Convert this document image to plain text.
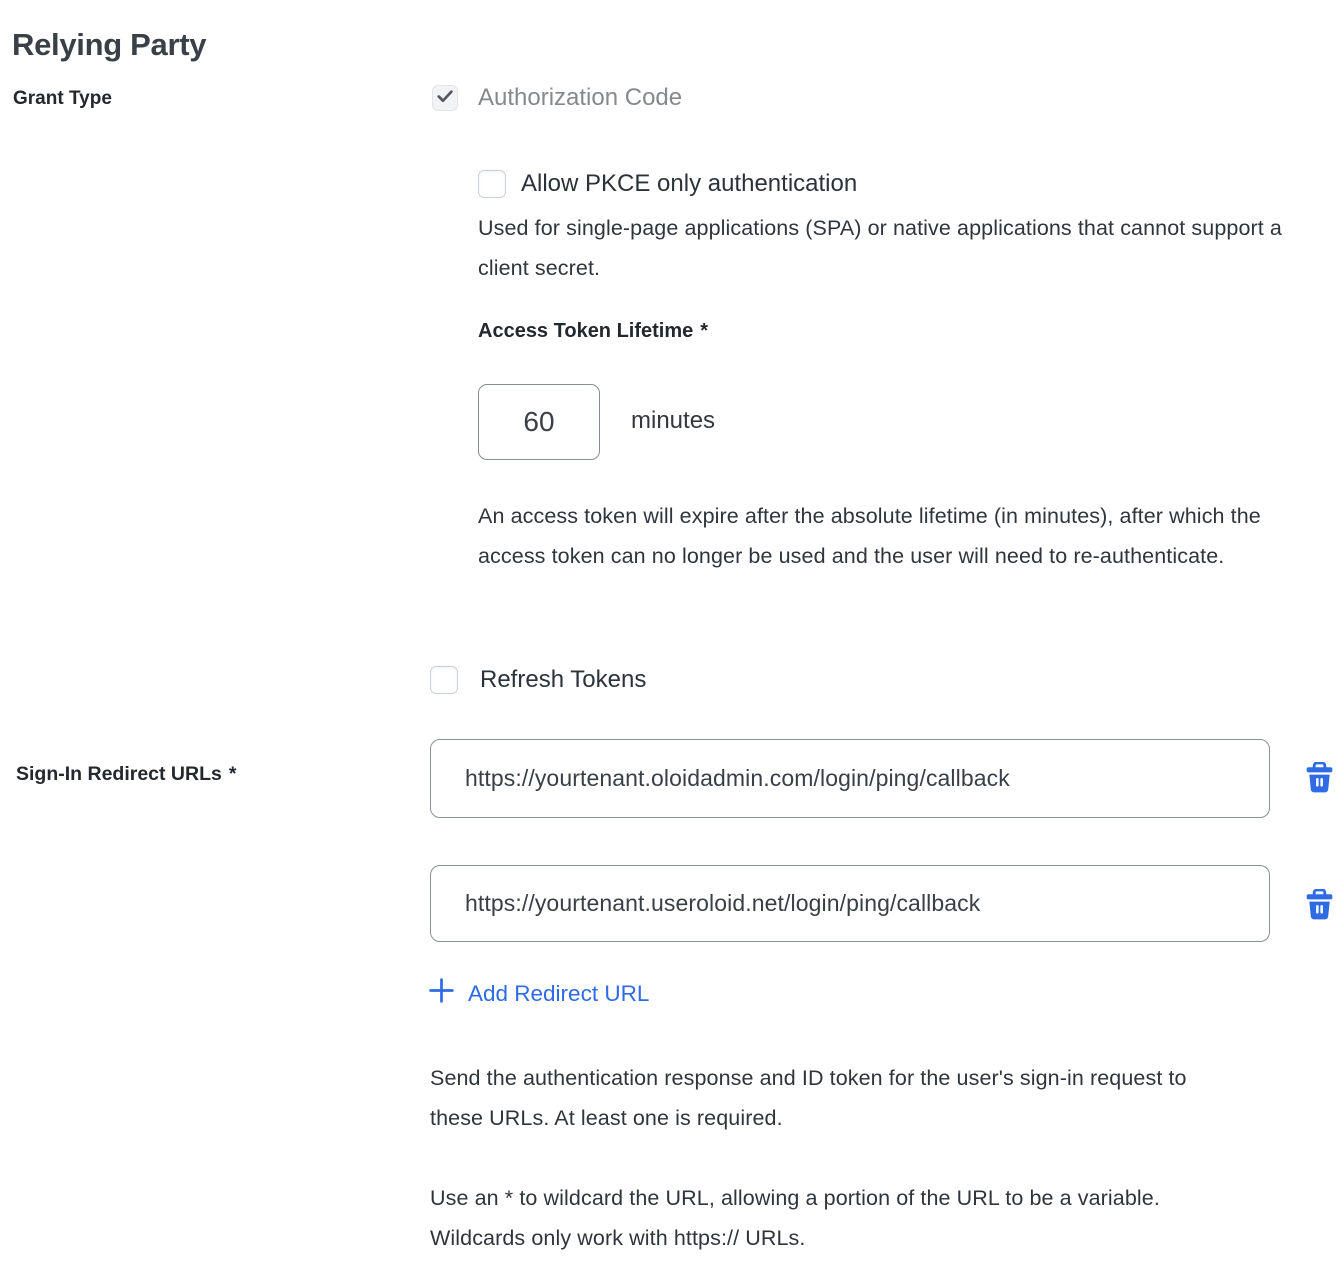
Relying Party
Grant Type	Authorization Code
Allow PKCE only authentication
Used for single-page applications (SPA) or native applications that cannot support a client secret.
Access Token Lifetime *
60
minutes
An access token will expire after the absolute lifetime (in minutes), after which the access token can no longer be used and the user will need to re-authenticate.
Refresh Tokens
Sign-In Redirect URLs *
https://yourtenant.oloidadmin.com/login/ping/callback
https://yourtenant.useroloid.net/login/ping/callback
Add Redirect URL
Send the authentication response and ID token for the user's sign-in request to these URLs. At least one is required.
Use an * to wildcard the URL, allowing a portion of the URL to be a variable. Wildcards only work with https:// URLs.
